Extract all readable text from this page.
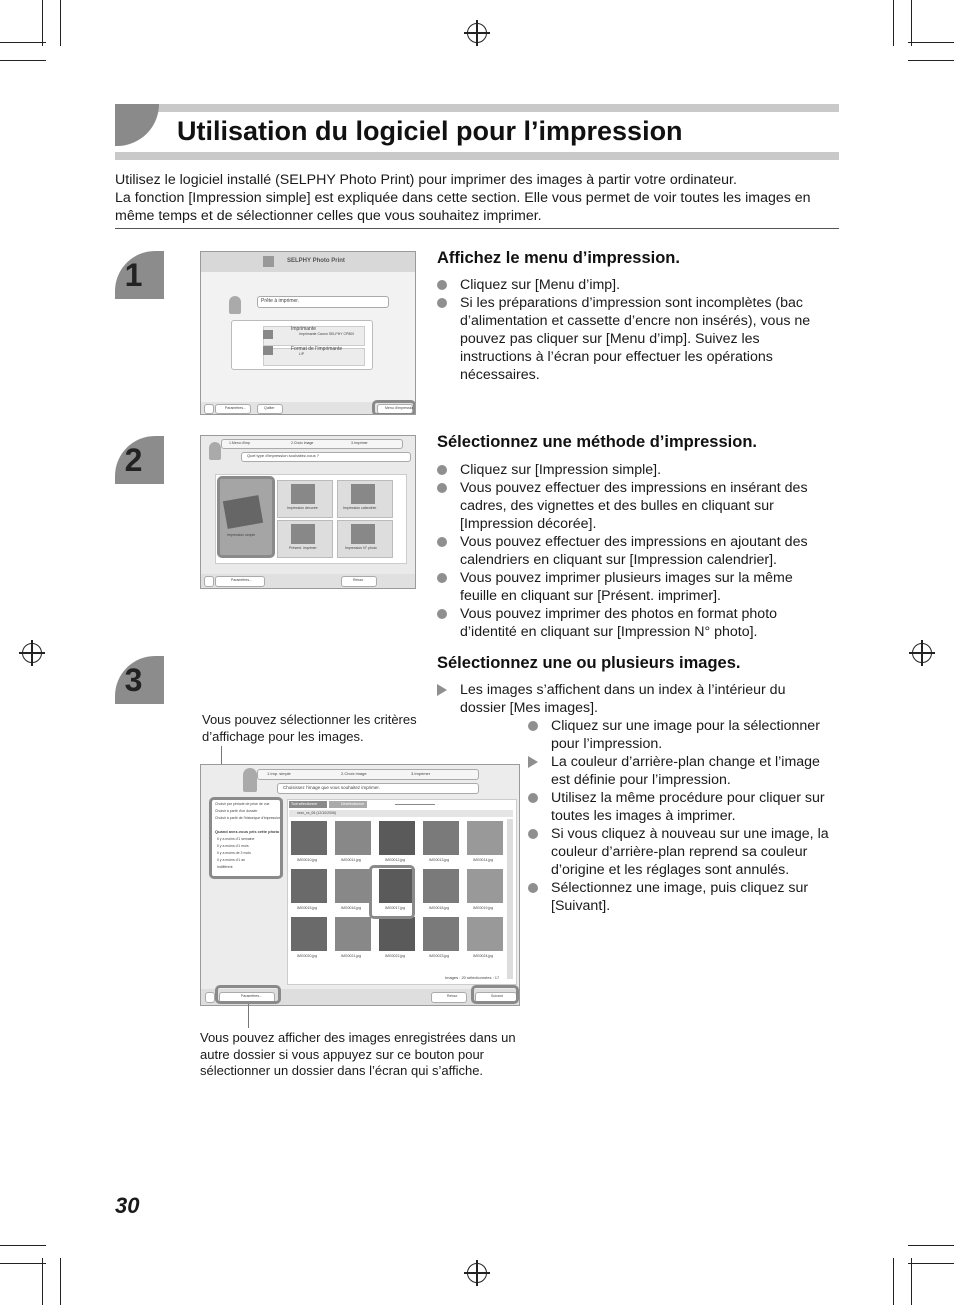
Utilisation du logiciel pour l’impression
Utilisez le logiciel installé (SELPHY Photo Print) pour imprimer des images à partir votre ordinateur.
La fonction [Impression simple] est expliquée dans cette section. Elle vous permet de voir toutes les images en même temps et de sélectionner celles que vous souhaitez imprimer.
1	SELPHY Photo Print
Prête à imprimer.
Imprimante
Imprimante Canon SELPHY CP800
Format de l’imprimante
L/P
Paramètres...	Quitter	Menu d’impression
Affichez le menu d’impression.
Cliquez sur [Menu d’imp].
Si les préparations d’impression sont incomplètes (bac d’alimentation et cassette d’encre non insérés), vous ne pouvez pas cliquer sur [Menu d’imp]. Suivez les instructions à l’écran pour effectuer les opérations nécessaires.
2	1.Menu d'imp	2.Choix image	3.Imprimer
Quel type d'impression souhaitez-vous ?
Impression simple
Impression décorée	Impression calendrier
Présent. imprimer	Impression N° photo
Paramètres...	Retour
Sélectionnez une méthode d’impression.
Cliquez sur [Impression simple].
Vous pouvez effectuer des impressions en insérant des cadres, des vignettes et des bulles en cliquant sur [Impression décorée].
Vous pouvez effectuer des impressions en ajoutant des calendriers en cliquant sur [Impression calendrier].
Vous pouvez imprimer plusieurs images sur la même feuille en cliquant sur [Présent. imprimer].
Vous pouvez imprimer des photos en format photo d’identité en cliquant sur [Impression N° photo].
3	Sélectionnez une ou plusieurs images.
Les images s’affichent dans un index à l’intérieur du dossier [Mes images].
Cliquez sur une image pour la sélectionner pour l’impression.
La couleur d’arrière-plan change et l’image est définie pour l’impression.
Utilisez la même procédure pour cliquer sur toutes les images à imprimer.
Si vous cliquez à nouveau sur une image, la couleur d’arrière-plan reprend sa couleur d’origine et les réglages sont annulés.
Sélectionnez une image, puis cliquez sur [Suivant].
Vous pouvez sélectionner les critères d’affichage pour les images.
1.Imp. simple	2.Choix image	3.Imprimer
Choisissez l'image que vous souhaitez imprimer.
Choisir par période de prise de vue
Choisir à partir d'un dossier
Choisir à partir de l'historique d'impression
Quand avez-vous pris cette photo ?
Il y a moins d'1 semaine
Il y a moins d'1 mois
Il y a moins de 3 mois
Il y a moins d'1 an
Indifférent
Tout sélectionner	Désélectionner
xxxx_xx_06 (12/10/2006)
IMG0010.jpg	IMG0011.jpg	IMG0012.jpg	IMG0013.jpg	IMG0014.jpg
IMG0015.jpg	IMG0016.jpg	IMG0017.jpg	IMG0018.jpg	IMG0019.jpg
IMG0020.jpg	IMG0021.jpg	IMG0022.jpg	IMG0023.jpg	IMG0024.jpg
Images : 20 sélectionnées : 17
Paramètres...	Retour	Suivant
Vous pouvez afficher des images enregistrées dans un autre dossier si vous appuyez sur ce bouton pour sélectionner un dossier dans l’écran qui s’affiche.
30
